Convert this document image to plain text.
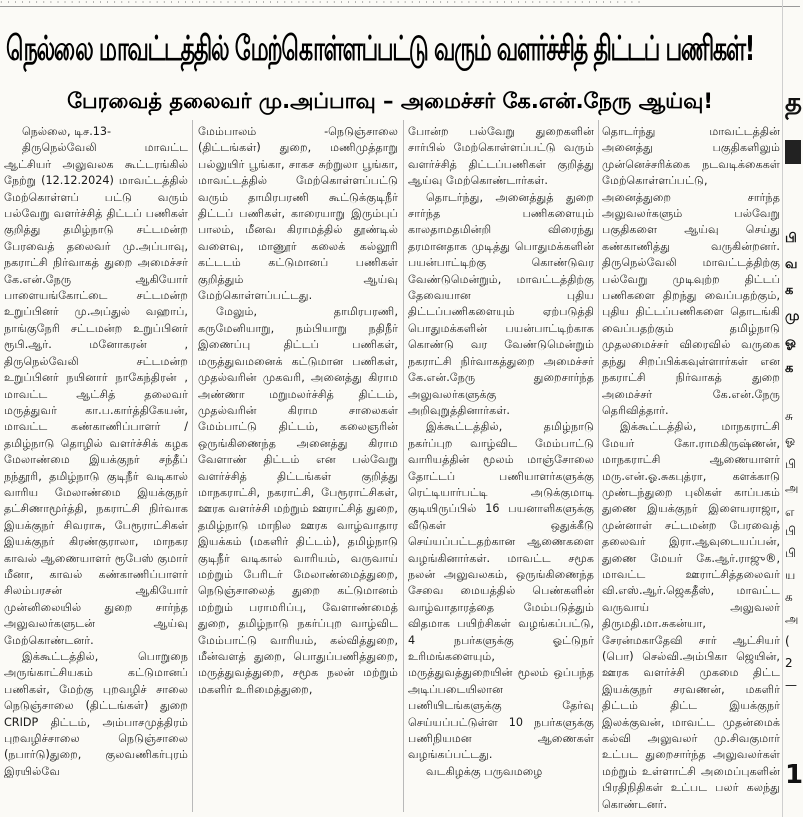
· · · · · · · · · · · · · · · · · · · · · · · · · · · · · · · · · · · · · · · · · · · · · · · · · · · · · · · · · · · · · · · · · · · · · · · · · · · · · · · · · · · · · · · · · · ·
நெல்லை மாவட்டத்தில் மேற்கொள்ளப்பட்டு வரும் வளர்ச்சித் திட்டப் பணிகள்!
பேரவைத் தலைவர் மு.அப்பாவு – அமைச்சர் கே.என்.நேரு ஆய்வு!

நெல்லை, டிச.13-

திருநெல்வேலி மாவட்ட ஆட்சியர் அலுவலக கூட்டரங்கில் நேற்று (12.12.2024) மாவட்டத்தில் மேற்கொள்ளப் பட்டு வரும் பல்வேறு வளர்ச்சித் திட்டப் பணிகள் குறித்து தமிழ்நாடு சட்டமன்ற பேரவைத் தலைவர் மு.அப்பாவு, நகராட்சி நிர்வாகத் துறை அமைச்சர் கே.என்.நேரு ஆகியோர் பாளையங்கோட்டை சட்டமன்ற உறுப்பினர் மு.அப்துல் வஹாப், நாங்குநேரி சட்டமன்ற உறுப்பினர் ரூபி.ஆர். மனோகரன் , திருநெல்வேலி சட்டமன்ற உறுப்பினர் நயினார் நாகேந்திரன் , மாவட்ட ஆட்சித் தலைவர் மருத்துவர் கா.ப.கார்த்திகேயன், மாவட்ட கண்காணிப்பாளர் /தமிழ்நாடு தொழில் வளர்ச்சிக் கழக மேலாண்மை இயக்குநர் சந்தீப் நந்தூரி, தமிழ்நாடு குடிநீர் வடிகால் வாரிய மேலாண்மை இயக்குநர் தட்சிணாமூர்த்தி, நகராட்சி நிர்வாக இயக்குநர் சிவராசு, பேரூராட்சிகள் இயக்குநர் கிரண்குராலா, மாநகர காவல் ஆணையாளர் ரூபேஸ் குமார் மீனா, காவல் கண்காணிப்பாளர் சிலம்பரசன் ஆகியோர் முன்னிலையில் துறை சார்ந்த அலுவலர்களுடன் ஆய்வு மேற்கொண்டனர்.

இக்கூட்டத்தில், பொறுநை அருங்காட்சியகம் கட்டுமானப் பணிகள், மேற்கு புறவழிச் சாலை நெடுஞ்சாலை (திட்டங்கள்) துறை CRIDP திட்டம், அம்பாசமுத்திரம் புறவழிச்சாலை நெடுஞ்சாலை (நபார்டு)துறை, குலவணிகர்புரம் இரயில்வே

மேம்பாலம் -நெடுஞ்சாலை (திட்டங்கள்) துறை, மணிமுத்தாறு பல்லுயிர் பூங்கா, சாகச சுற்றுலா பூங்கா, மாவட்டத்தில் மேற்கொள்ளப்பட்டு வரும் தாமிரபரணி கூட்டுக்குடிநீர் திட்டப் பணிகள், காரையாறு இரும்புப் பாலம், மீனவ கிராமத்தில் தூண்டில் வளைவு, மாணூர் கலைக் கல்லூரி கட்டடம் கட்டுமானப் பணிகள் குறித்தும் ஆய்வு மேற்கொள்ளப்பட்டது.

மேலும், தாமிரபரணி, கருமேனியாறு, நம்பியாறு நதிநீர் இணைப்பு திட்டப் பணிகள், மருத்துவமனைக் கட்டுமான பணிகள், முதல்வரின் முகவரி, அனைத்து கிராம அண்ணா மறுமலர்ச்சித் திட்டம், முதல்வரின் கிராம சாலைகள் மேம்பாட்டு திட்டம், கலைஞரின் ஒருங்கிணைந்த அனைத்து கிராம வேளாண் திட்டம் என பல்வேறு வளர்ச்சித் திட்டங்கள் குறித்து மாநகராட்சி, நகராட்சி, பேரூராட்சிகள், ஊரக வளர்ச்சி மற்றும் ஊராட்சித் துறை, தமிழ்நாடு மாநில ஊரக வாழ்வாதார இயக்கம் (மகளிர் திட்டம்), தமிழ்நாடு குடிநீர் வடிகால் வாரியம், வருவாய் மற்றும் பேரிடர் மேலாண்மைத்துறை, நெடுஞ்சாலைத் துறை கட்டுமானம் மற்றும் பராமரிப்பு, வேளாண்மைத் துறை, தமிழ்நாடு நகர்ப்புற வாழ்விட மேம்பாட்டு வாரியம், கல்வித்துறை, மீன்வளத் துறை, பொதுப்பணித்துறை, மருத்துவத்துறை, சமூக நலன் மற்றும் மகளிர் உரிமைத்துறை,

போன்ற பல்வேறு துறைகளின் சார்பில் மேற்கொள்ளப்பட்டு வரும் வளர்ச்சித் திட்டப்பணிகள் குறித்து ஆய்வு மேற்கொண்டார்கள்.

தொடர்ந்து, அனைத்துத் துறை சார்ந்த பணிகளையும் காலதாமதமின்றி விரைந்து தரமானதாக முடித்து பொதுமக்களின் பயன்பாட்டிற்கு கொண்டுவர வேண்டுமென்றும், மாவட்டத்திற்கு தேவையான புதிய திட்டப்பணிகளையும் ஏற்படுத்தி பொதுமக்களின் பயன்பாட்டிற்காக கொண்டு வர வேண்டுமென்றும் நகராட்சி நிர்வாகத்துறை அமைச்சர் கே.என்.நேரு துறைசார்ந்த அலுவலர்களுக்கு அறிவுறுத்தினார்கள்.

இக்கூட்டத்தில், தமிழ்நாடு நகர்ப்புற வாழ்விட மேம்பாட்டு வாரியத்தின் மூலம் மாஞ்சோலை தோட்டப் பணியாளர்களுக்கு ரெட்டியார்பட்டி அடுக்குமாடி குடியிருப்பில் 16 பயனாளிகளுக்கு வீடுகள் ஒதுக்கீடு செய்யப்பட்டதற்கான ஆணைகளை வழங்கினார்கள். மாவட்ட சமூக நலன் அலுவலகம், ஒருங்கிணைந்த சேவை மையத்தில் பெண்களின் வாழ்வாதாரத்தை மேம்படுத்தும் விதமாக பயிற்சிகள் வழங்கப்பட்டு, 4 நபர்களுக்கு ஓட்டுநர் உரிமங்களையும், மருத்துவத்துறையின் மூலம் ஒப்பந்த அடிப்படையிலான பணியிடங்களுக்கு தேர்வு செய்யப்பட்டுள்ள 10 நபர்களுக்கு பணிநியமன ஆணைகள் வழங்கப்பட்டது.

வடகிழக்கு பருவமழை

தொடர்ந்து மாவட்டத்தின் அனைத்து பகுதிகளிலும் முன்னெச்சரிக்கை நடவடிக்கைகள் மேற்கொள்ளப்பட்டு, அனைத்துறை சார்ந்த அலுவலர்களும் பல்வேறு பகுதிகளை ஆய்வு செய்து கண்காணித்து வருகின்றனர். திருநெல்வேலி மாவட்டத்திற்கு பல்வேறு முடிவுற்ற திட்டப் பணிகளை திறந்து வைப்பதற்கும், புதிய திட்டப்பணிகளை தொடங்கி வைப்பதற்கும் தமிழ்நாடு முதலமைச்சர் விரைவில் வருகை தந்து சிறப்பிக்கவுள்ளார்கள் என நகராட்சி நிர்வாகத் துறை அமைச்சர் கே.என்.நேரு தெரிவித்தார்.

இக்கூட்டத்தில், மாநகராட்சி மேயர் கோ.ராமகிருஷ்ணன், மாநகராட்சி ஆணையாளர் மரு.என்.ஓ.சுகபுத்ரா, களக்காடு முண்டந்துறை புலிகள் காப்பகம் துணை இயக்குநர் இளையராஜா, முன்னாள் சட்டமன்ற பேரவைத் தலைவர் இரா.ஆவுடையப்பன், துணை மேயர் கே.ஆர்.ராஜு®, மாவட்ட ஊராட்சித்தலைவர் வி.எஸ்.ஆர்.ஜெகதீஸ், மாவட்ட வருவாய் அலுவலர் திருமதி.மா.சுகன்யா, சேரன்மகாதேவி சார் ஆட்சியர் (பொ) செல்வி.அம்பிகா ஜெயின், ஊரக வளர்ச்சி முகமை திட்ட இயக்குநர் சரவணன், மகளிர் திட்டம் திட்ட இயக்குநர் இலக்குவன், மாவட்ட முதன்மைக் கல்வி அலுவலர் மு.சிவகுமார் உட்பட துறைசார்ந்த அலுவலர்கள் மற்றும் உள்ளாட்சி அமைப்புகளின் பிரதிநிதிகள் உட்பட பலர் கலந்து கொண்டனர்.

த
பி
வ
க
மு
ஓ
க
சு
ஓ
பி
அ
எ
பி
பி
ய
க
அ
(
2
—
1
